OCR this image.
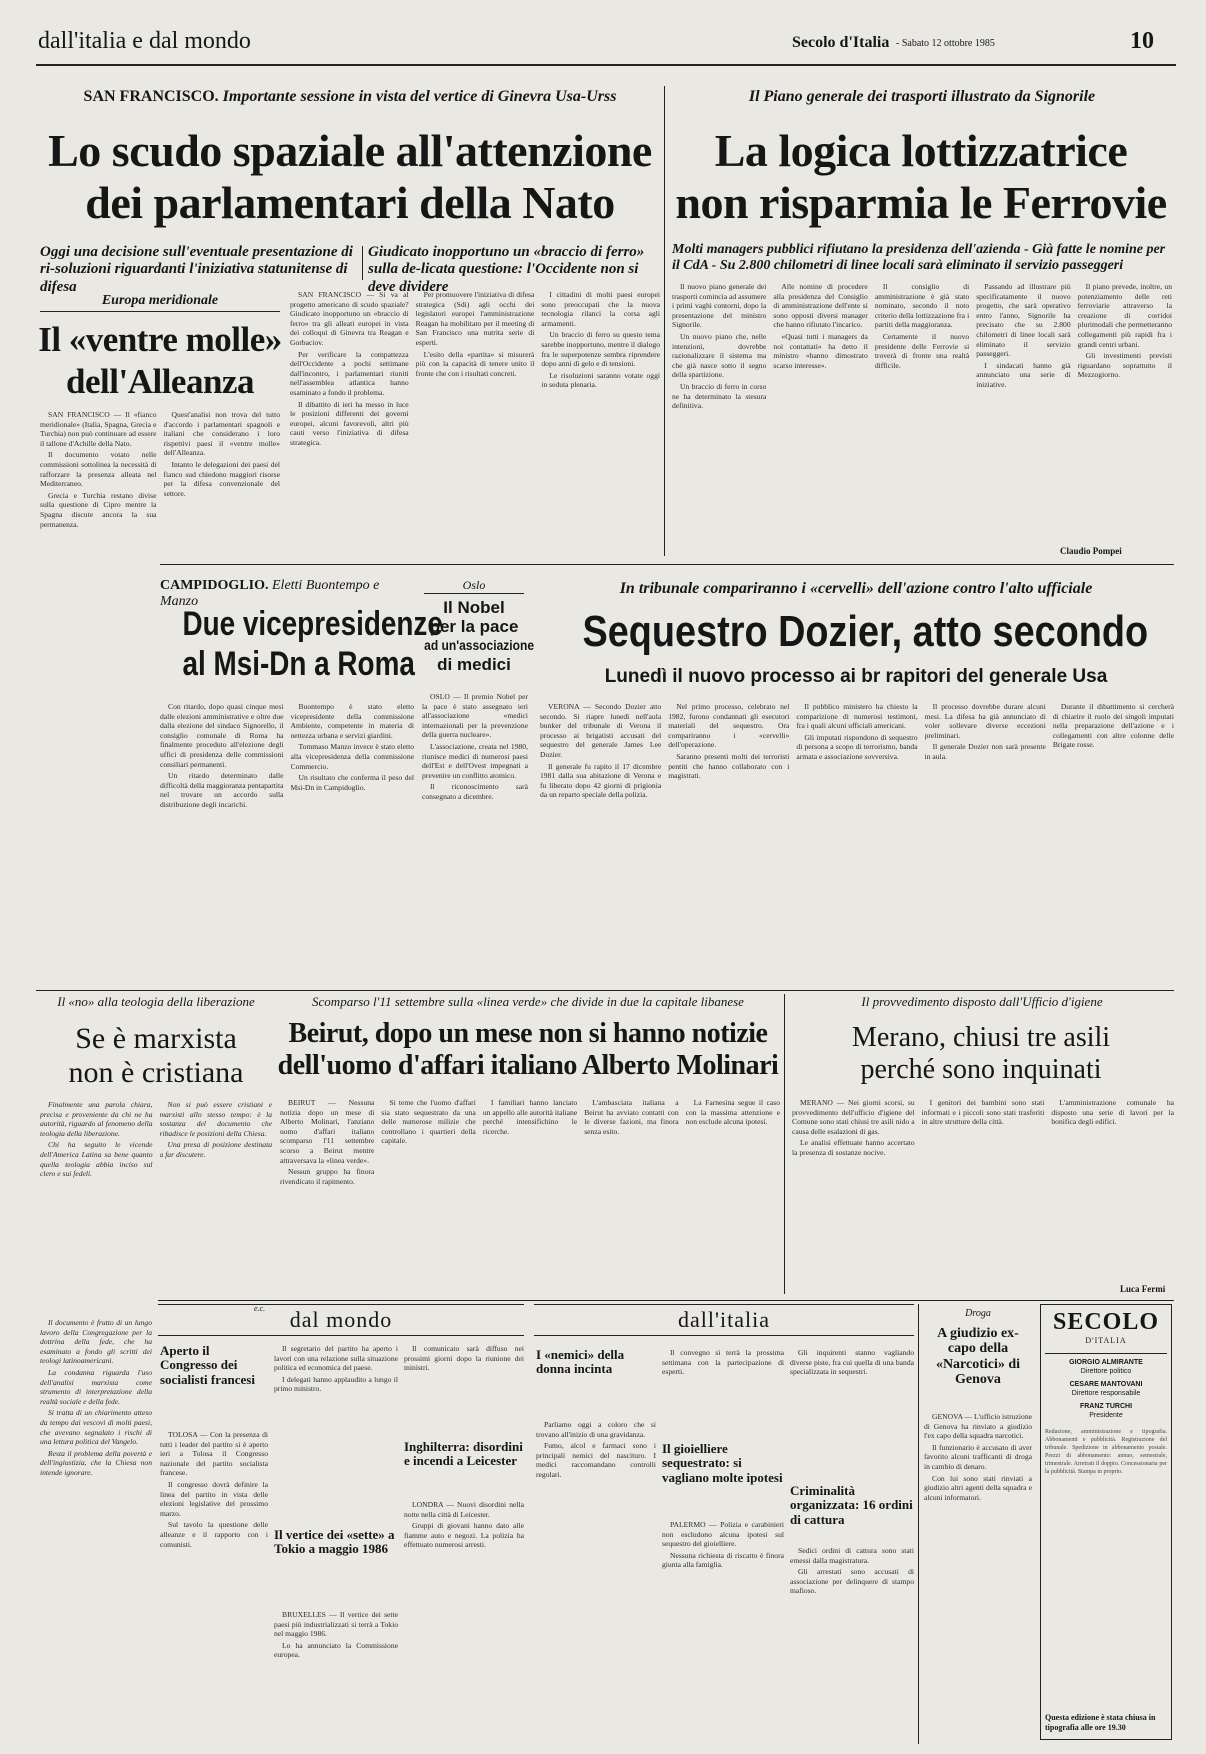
dall'italia e dal mondo	Secolo d'Italia - Sabato 12 ottobre 1985	10
SAN FRANCISCO. Importante sessione in vista del vertice di Ginevra Usa-Urss
Lo scudo spaziale all'attenzione
dei parlamentari della Nato
Oggi una decisione sull'eventuale presentazione di ri-soluzioni riguardanti l'iniziativa statunitense di difesa
Giudicato inopportuno un «braccio di ferro» sulla de-licata questione: l'Occidente non si deve dividere
Europa meridionale
Il «ventre molle»
dell'Alleanza

SAN FRANCISCO — Il «fianco meridionale» (Italia, Spagna, Grecia e Turchia) non può continuare ad essere il tallone d'Achille della Nato.

Il documento votato nelle commissioni sottolinea la necessità di rafforzare la presenza alleata nel Mediterraneo.

Grecia e Turchia restano divise sulla questione di Cipro mentre la Spagna discute ancora la sua permanenza.

Quest'analisi non trova del tutto d'accordo i parlamentari spagnoli e italiani che considerano i loro rispettivi paesi il «ventre molle» dell'Alleanza.

Intanto le delegazioni dei paesi del fianco sud chiedono maggiori risorse per la difesa convenzionale del settore.

SAN FRANCISCO — Si va al progetto americano di scudo spaziale? Giudicato inopportuno un «braccio di ferro» tra gli alleati europei in vista dei colloqui di Ginevra tra Reagan e Gorbaciov.

Per verificare la compattezza dell'Occidente a pochi settimane dall'incontro, i parlamentari riuniti nell'assemblea atlantica hanno esaminato a fondo il problema.

Il dibattito di ieri ha messo in luce le posizioni differenti dei governi europei, alcuni favorevoli, altri più cauti verso l'iniziativa di difesa strategica.

Per promuovere l'iniziativa di difesa strategica (Sdi) agli occhi dei legislatori europei l'amministrazione Reagan ha mobilitato per il meeting di San Francisco una nutrita serie di esperti.

L'esito della «partita» si misurerà più con la capacità di tenere unito il fronte che con i risultati concreti.

I cittadini di molti paesi europei sono preoccupati che la nuova tecnologia rilanci la corsa agli armamenti.

Un braccio di ferro su questo tema sarebbe inopportuno, mentre il dialogo fra le superpotenze sembra riprendere dopo anni di gelo e di tensioni.

Le risoluzioni saranno votate oggi in seduta plenaria.

Il Piano generale dei trasporti illustrato da Signorile
La logica lottizzatrice
non risparmia le Ferrovie
Molti managers pubblici rifiutano la presidenza dell'azienda - Già fatte le nomine per il CdA - Su 2.800 chilometri di linee locali sarà eliminato il servizio passeggeri

Il nuovo piano generale dei trasporti comincia ad assumere i primi vaghi contorni, dopo la presentazione del ministro Signorile.

Un nuovo piano che, nelle intenzioni, dovrebbe razionalizzare il sistema ma che già nasce sotto il segno della spartizione.

Un braccio di ferro in corso ne ha determinato la stesura definitiva.

Alle nomine di procedere alla presidenza del Consiglio di amministrazione dell'ente si sono opposti diversi manager che hanno rifiutato l'incarico.

«Quasi tutti i managers da noi contattati» ha detto il ministro «hanno dimostrato scarso interesse».

Il consiglio di amministrazione è già stato nominato, secondo il noto criterio della lottizzazione fra i partiti della maggioranza.

Certamente il nuovo presidente delle Ferrovie si troverà di fronte una realtà difficile.

Passando ad illustrare più specificatamente il nuovo progetto, che sarà operativo entro l'anno, Signorile ha precisato che su 2.800 chilometri di linee locali sarà eliminato il servizio passeggeri.

I sindacati hanno già annunciato una serie di iniziative.

Il piano prevede, inoltre, un potenziamento delle reti ferroviarie attraverso la creazione di corridoi plurimodali che permetteranno collegamenti più rapidi fra i grandi centri urbani.

Gli investimenti previsti riguardano soprattutto il Mezzogiorno.

Claudio Pompei
CAMPIDOGLIO. Eletti Buontempo e Manzo
Due vicepresidenze
al Msi-Dn a Roma

Con ritardo, dopo quasi cinque mesi dalle elezioni amministrative e oltre due dalla elezione del sindaco Signorello, il consiglio comunale di Roma ha finalmente proceduto all'elezione degli uffici di presidenza delle commissioni consiliari permanenti.

Un ritardo determinato dalle difficoltà della maggioranza pentapartita nel trovare un accordo sulla distribuzione degli incarichi.

Buontempo è stato eletto vicepresidente della commissione Ambiente, competente in materia di nettezza urbana e servizi giardini.

Tommaso Manzo invece è stato eletto alla vicepresidenza della commissione Commercio.

Un risultato che conferma il peso del Msi-Dn in Campidoglio.

Oslo
Il Nobel
per la pace
ad un'associazione
di medici

OSLO — Il premio Nobel per la pace è stato assegnato ieri all'associazione «medici internazionali per la prevenzione della guerra nucleare».

L'associazione, creata nel 1980, riunisce medici di numerosi paesi dell'Est e dell'Ovest impegnati a prevenire un conflitto atomico.

Il riconoscimento sarà consegnato a dicembre.

In tribunale compariranno i «cervelli» dell'azione contro l'alto ufficiale
Sequestro Dozier, atto secondo
Lunedì il nuovo processo ai br rapitori del generale Usa

VERONA — Secondo Dozier atto secondo. Si riapre lunedì nell'aula bunker del tribunale di Verona il processo ai brigatisti accusati del sequestro del generale James Lee Dozier.

Il generale fu rapito il 17 dicembre 1981 dalla sua abitazione di Verona e fu liberato dopo 42 giorni di prigionia da un reparto speciale della polizia.

Nel primo processo, celebrato nel 1982, furono condannati gli esecutori materiali del sequestro. Ora compariranno i «cervelli» dell'operazione.

Saranno presenti molti dei terroristi pentiti che hanno collaborato con i magistrati.

Il pubblico ministero ha chiesto la comparizione di numerosi testimoni, fra i quali alcuni ufficiali americani.

Gli imputati rispondono di sequestro di persona a scopo di terrorismo, banda armata e associazione sovversiva.

Il processo dovrebbe durare alcuni mesi. La difesa ha già annunciato di voler sollevare diverse eccezioni preliminari.

Il generale Dozier non sarà presente in aula.

Durante il dibattimento si cercherà di chiarire il ruolo dei singoli imputati nella preparazione dell'azione e i collegamenti con altre colonne delle Brigate rosse.

Il «no» alla teologia della liberazione
Se è marxista
non è cristiana

Finalmente una parola chiara, precisa e proveniente da chi ne ha autorità, riguardo al fenomeno della teologia della liberazione.

Chi ha seguito le vicende dell'America Latina sa bene quanto quella teologia abbia inciso sul clero e sui fedeli.

Non si può essere cristiani e marxisti allo stesso tempo: è la sostanza del documento che ribadisce le posizioni della Chiesa.

Una presa di posizione destinata a far discutere.

e.c.

Il documento è frutto di un lungo lavoro della Congregazione per la dottrina della fede, che ha esaminato a fondo gli scritti dei teologi latinoamericani.

La condanna riguarda l'uso dell'analisi marxista come strumento di interpretazione della realtà sociale e della fede.

Si tratta di un chiarimento atteso da tempo dai vescovi di molti paesi, che avevano segnalato i rischi di una lettura politica del Vangelo.

Resta il problema della povertà e dell'ingiustizia, che la Chiesa non intende ignorare.

Scomparso l'11 settembre sulla «linea verde» che divide in due la capitale libanese
Beirut, dopo un mese non si hanno notizie
dell'uomo d'affari italiano Alberto Molinari

BEIRUT — Nessuna notizia dopo un mese di Alberto Molinari, l'anziano uomo d'affari italiano scomparso l'11 settembre scorso a Beirut mentre attraversava la «linea verde».

Nessun gruppo ha finora rivendicato il rapimento.

Si teme che l'uomo d'affari sia stato sequestrato da una delle numerose milizie che controllano i quartieri della capitale.

I familiari hanno lanciato un appello alle autorità italiane perché intensifichino le ricerche.

L'ambasciata italiana a Beirut ha avviato contatti con le diverse fazioni, ma finora senza esito.

La Farnesina segue il caso con la massima attenzione e non esclude alcuna ipotesi.

Il provvedimento disposto dall'Ufficio d'igiene
Merano, chiusi tre asili
perché sono inquinati

MERANO — Nei giorni scorsi, su provvedimento dell'ufficio d'igiene del Comune sono stati chiusi tre asili nido a causa delle esalazioni di gas.

Le analisi effettuate hanno accertato la presenza di sostanze nocive.

I genitori dei bambini sono stati informati e i piccoli sono stati trasferiti in altre strutture della città.

L'amministrazione comunale ha disposto una serie di lavori per la bonifica degli edifici.

Luca Fermi
dal mondo
Aperto il Congresso dei socialisti francesi

TOLOSA — Con la presenza di tutti i leader del partito si è aperto ieri a Tolosa il Congresso nazionale del partito socialista francese.

Il congresso dovrà definire la linea del partito in vista delle elezioni legislative del prossimo marzo.

Sul tavolo la questione delle alleanze e il rapporto con i comunisti.

Il segretario del partito ha aperto i lavori con una relazione sulla situazione politica ed economica del paese.

I delegati hanno applaudito a lungo il primo ministro.

Il vertice dei «sette» a Tokio a maggio 1986

BRUXELLES — Il vertice dei sette paesi più industrializzati si terrà a Tokio nel maggio 1986.

Lo ha annunciato la Commissione europea.

Il comunicato sarà diffuso nei prossimi giorni dopo la riunione dei ministri.

Inghilterra: disordini e incendi a Leicester

LONDRA — Nuovi disordini nella notte nella città di Leicester.

Gruppi di giovani hanno dato alle fiamme auto e negozi. La polizia ha effettuato numerosi arresti.

dall'italia
I «nemici» della donna incinta

Parliamo oggi a coloro che si trovano all'inizio di una gravidanza.

Fumo, alcol e farmaci sono i principali nemici del nascituro. I medici raccomandano controlli regolari.

Il convegno si terrà la prossima settimana con la partecipazione di esperti.

Il gioielliere sequestrato: si vagliano molte ipotesi

PALERMO — Polizia e carabinieri non escludono alcuna ipotesi sul sequestro del gioielliere.

Nessuna richiesta di riscatto è finora giunta alla famiglia.

Gli inquirenti stanno vagliando diverse piste, fra cui quella di una banda specializzata in sequestri.

Criminalità organizzata: 16 ordini di cattura

Sedici ordini di cattura sono stati emessi dalla magistratura.

Gli arrestati sono accusati di associazione per delinquere di stampo mafioso.

Droga
A giudizio ex-capo della «Narcotici» di Genova

GENOVA — L'ufficio istruzione di Genova ha rinviato a giudizio l'ex capo della squadra narcotici.

Il funzionario è accusato di aver favorito alcuni trafficanti di droga in cambio di denaro.

Con lui sono stati rinviati a giudizio altri agenti della squadra e alcuni informatori.

SECOLO
D'ITALIA
GIORGIO ALMIRANTE
Direttore politico
CESARE MANTOVANI
Direttore responsabile
FRANZ TURCHI
Presidente
Redazione, amministrazione e tipografia. Abbonamenti e pubblicità. Registrazione del tribunale. Spedizione in abbonamento postale. Prezzi di abbonamento: annuo, semestrale, trimestrale. Arretrati il doppio. Concessionaria per la pubblicità. Stampa in proprio.
Questa edizione è stata chiusa in tipografia alle ore 19.30
